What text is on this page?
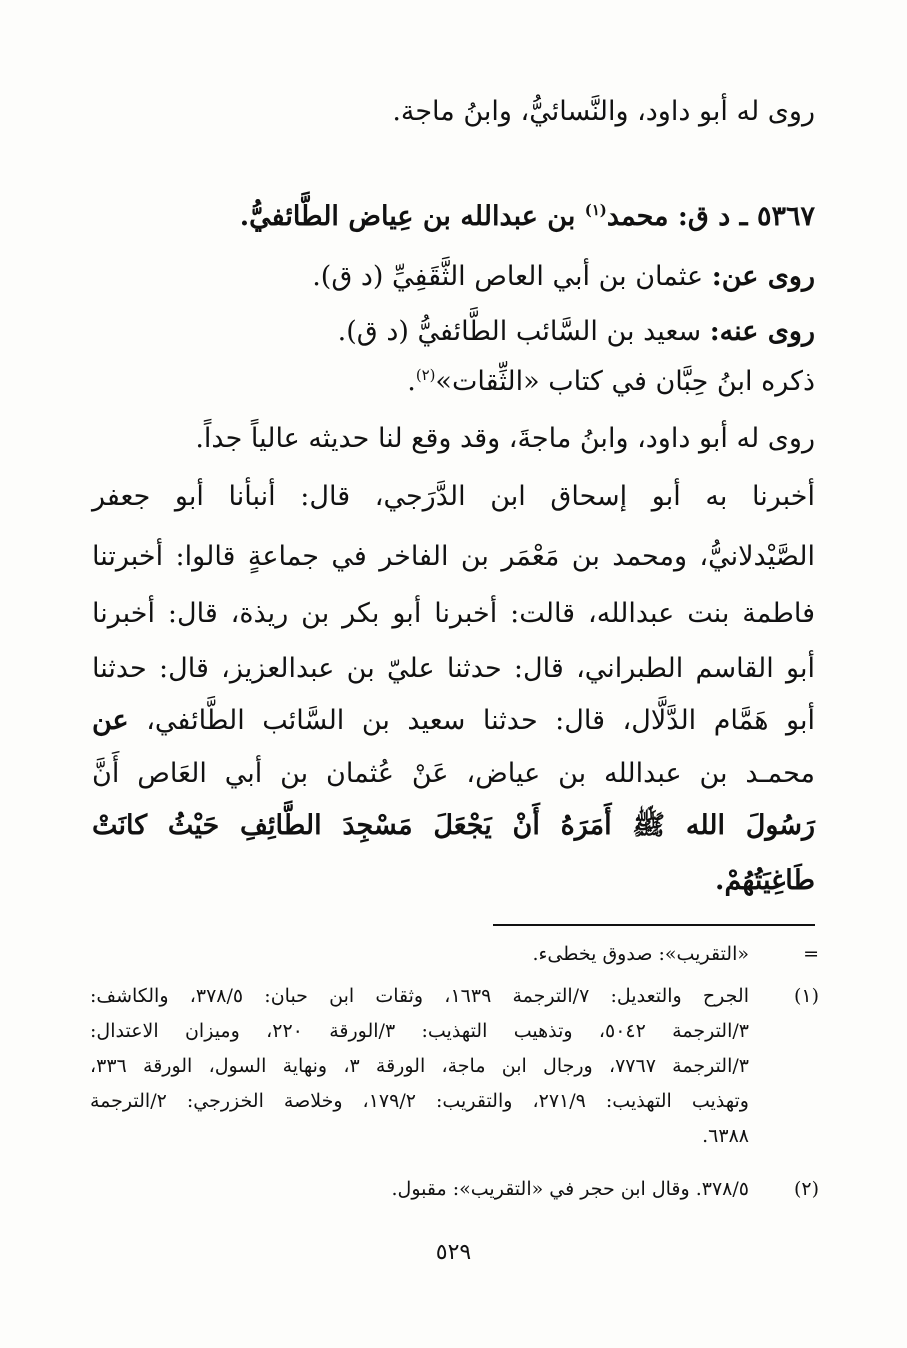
روى له أبو داود، والنَّسائيُّ، وابنُ ماجة.
٥٣٦٧ ـ د ق: محمد$^{(١)}$ بن عبدالله بن عِياض الطَّائفيُّ.
روى عن: عثمان بن أبي العاص الثَّقَفِيِّ (د ق).
روى عنه: سعيد بن السَّائب الطَّائفيُّ (د ق).
ذكره ابنُ حِبَّان في كتاب «الثِّقات»$^{(٢)}$.
روى له أبو داود، وابنُ ماجةَ، وقد وقع لنا حديثه عالياً جداً.
أخبرنا به أبو إسحاق ابن الدَّرَجي، قال: أنبأنا أبو جعفر
الصَّيْدلانيُّ، ومحمد بن مَعْمَر بن الفاخر في جماعةٍ قالوا: أخبرتنا
فاطمة بنت عبدالله، قالت: أخبرنا أبو بكر بن ريذة، قال: أخبرنا
أبو القاسم الطبراني، قال: حدثنا عليّ بن عبدالعزيز، قال: حدثنا
أبو هَمَّام الدَّلَّال، قال: حدثنا سعيد بن السَّائب الطَّائفي، عن
محمـد بن عبدالله بن عياض، عَنْ عُثمان بن أبي العَاص أَنَّ
رَسُولَ الله ﷺ أَمَرَهُ أَنْ يَجْعَلَ مَسْجِدَ الطَّائِفِ حَيْثُ كانَتْ
طَاغِيَتُهُمْ.
=
«التقريب»: صدوق يخطىء.
(١)
الجرح والتعديل: ٧/الترجمة ١٦٣٩، وثقات ابن حبان: ٣٧٨/٥، والكاشف:
٣/الترجمة ٥٠٤٢، وتذهيب التهذيب: ٣/الورقة ٢٢٠، وميزان الاعتدال:
٣/الترجمة ٧٧٦٧، ورجال ابن ماجة، الورقة ٣، ونهاية السول، الورقة ٣٣٦،
وتهذيب التهذيب: ٢٧١/٩، والتقريب: ١٧٩/٢، وخلاصة الخزرجي: ٢/الترجمة
٦٣٨٨.
(٢)
٣٧٨/٥. وقال ابن حجر في «التقريب»: مقبول.
٥٢٩
